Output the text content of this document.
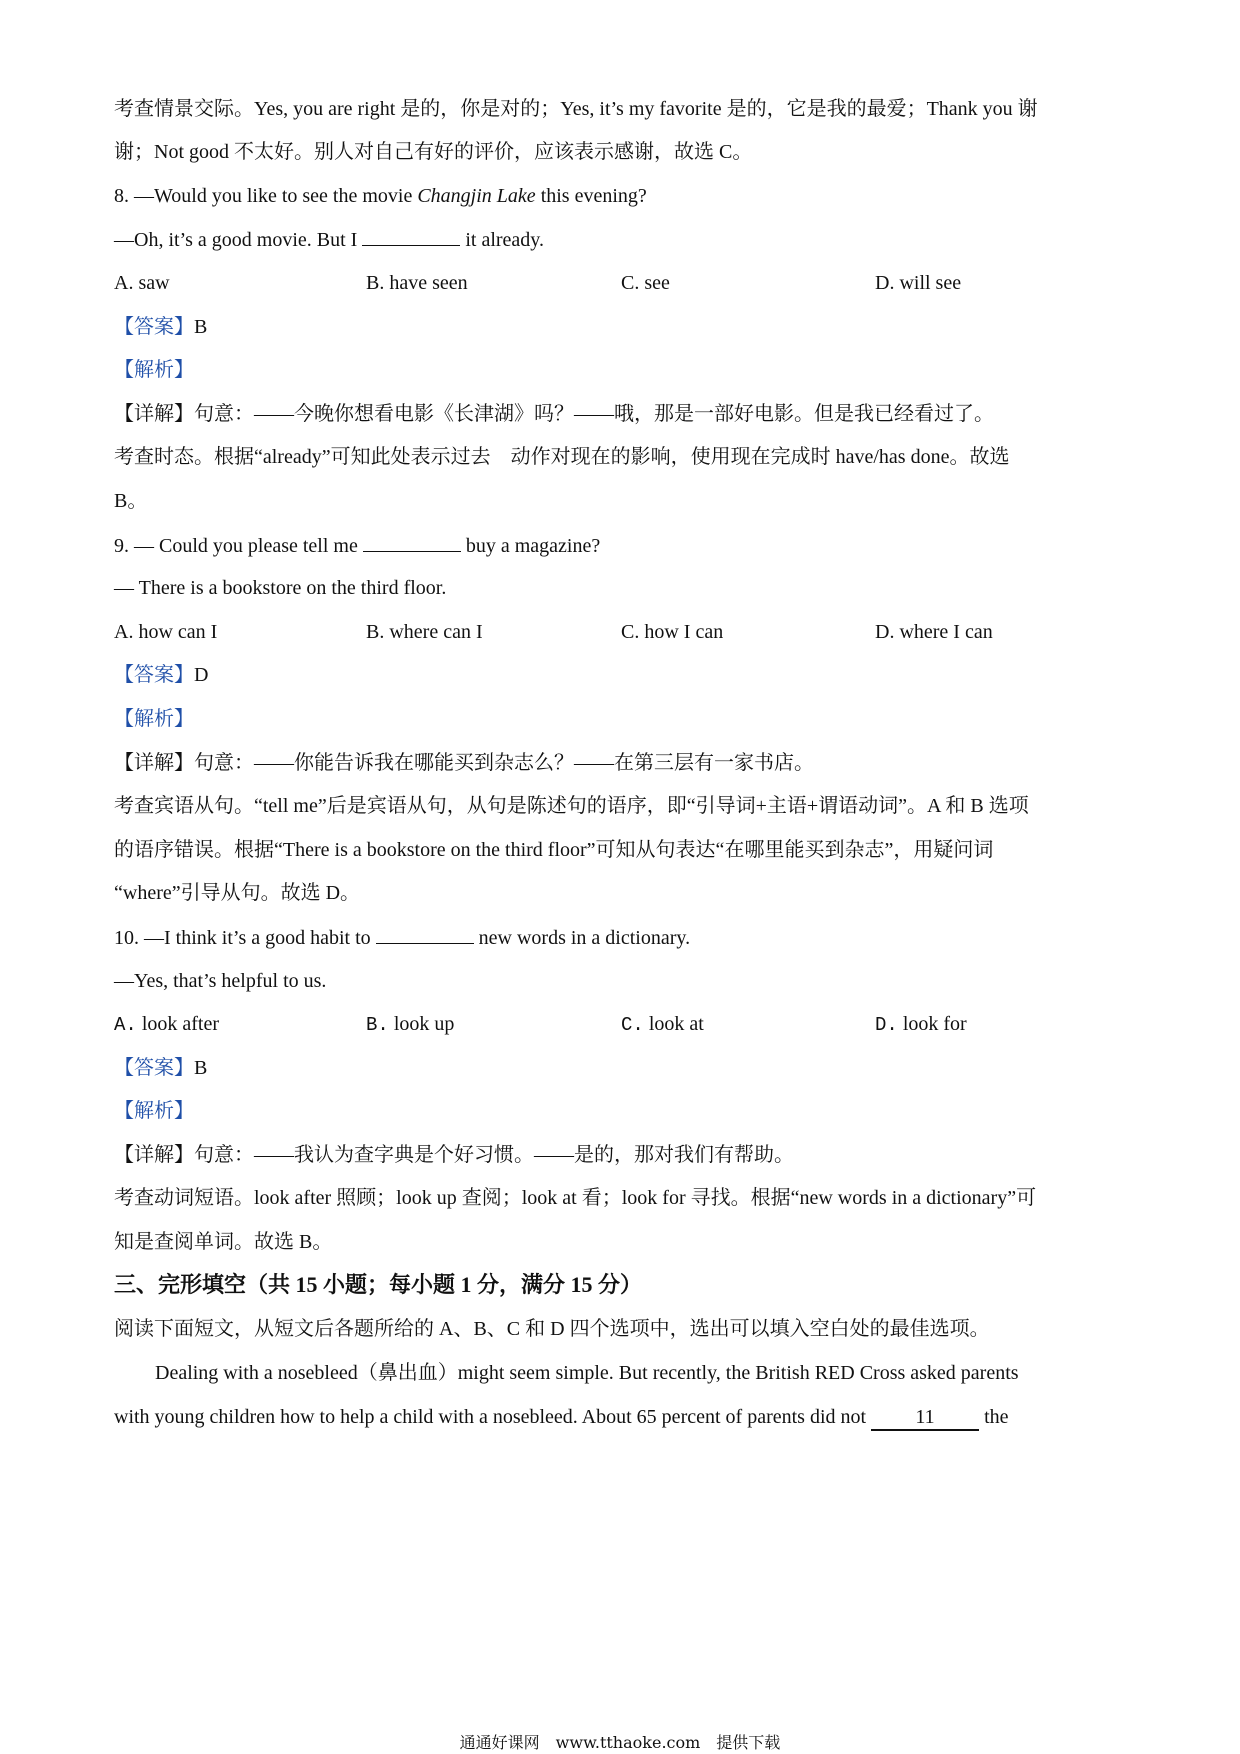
考查情景交际。Yes, you are right 是的，你是对的；Yes, it’s my favorite 是的，它是我的最爱；Thank you 谢
谢；Not good 不太好。别人对自己有好的评价，应该表示感谢，故选 C。
8. —Would you like to see the movie Changjin Lake this evening?
—Oh, it’s a good movie. But I	it already.
A. saw	B. have seen	C. see	D. will see
【答案】B
【解析】
【详解】句意：——今晚你想看电影《长津湖》吗？——哦，那是一部好电影。但是我已经看过了。
考查时态。根据“already”可知此处表示过去　动作对现在的影响，使用现在完成时 have/has done。故选
B。
9. — Could you please tell me	buy a magazine?
— There is a bookstore on the third floor.
A. how can I	B. where can I	C. how I can	D. where I can
【答案】D
【解析】
【详解】句意：——你能告诉我在哪能买到杂志么？——在第三层有一家书店。
考查宾语从句。“tell me”后是宾语从句，从句是陈述句的语序，即“引导词+主语+谓语动词”。A 和 B 选项
的语序错误。根据“There is a bookstore on the third floor”可知从句表达“在哪里能买到杂志”，用疑问词
“where”引导从句。故选 D。
10. —I think it’s a good habit to	new words in a dictionary.
—Yes, that’s helpful to us.
A. look after	B. look up	C. look at	D. look for
【答案】B
【解析】
【详解】句意：——我认为查字典是个好习惯。——是的，那对我们有帮助。
考查动词短语。look after 照顾；look up 查阅；look at 看；look for 寻找。根据“new words in a dictionary”可
知是查阅单词。故选 B。
三、完形填空（共 15 小题；每小题 1 分，满分 15 分）
阅读下面短文，从短文后各题所给的 A、B、C 和 D 四个选项中，选出可以填入空白处的最佳选项。
Dealing with a nosebleed（鼻出血）might seem simple. But recently, the British RED Cross asked parents
with young children how to help a child with a nosebleed. About 65 percent of parents did not 11 the
通通好课网　www.tthaoke.com　提供下载
